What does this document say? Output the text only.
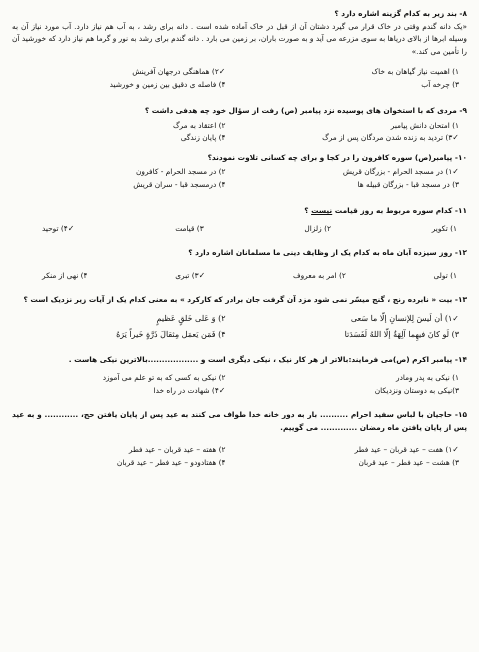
۸- بند زیر به کدام گزینه اشاره دارد ؟
«یک دانه گندم وقتی در خاک قرار می گیرد دشتان آن از قبل در خاک آماده شده است . دانه برای رشد ، به آب هم نیاز دارد. آب مورد نیاز آن به وسیله ابرها از بالای دریاها به سوی مزرعه می آید و به صورت باران، بر زمین می بارد . دانه گندم برای رشد به نور و گرما هم نیاز دارد که خورشید آن را تأمین می کند.»
۱) اهمیت نیاز گیاهان به خاک
✓۲) هماهنگی درجهان آفرینش
۳) چرخه آب
۴) فاصله ی دقیق بین زمین و خورشید
۹- مردی که با استخوان های پوسیده نزد پیامبر (ص) رفت از سؤال خود چه هدفی داشت ؟
۱) امتحان دانش پیامبر
۲) اعتقاد به مرگ
✓۳) تردید به زنده شدن مردگان پس از مرگ
۴) پایان زندگی
۱۰- پیامبر(ص) سوره کافرون را در کجا و برای چه کسانی تلاوت نمودند؟
✓۱) در مسجد الحرام - بزرگان قریش
۲) در مسجد الحرام - کافرون
۳) در مسجد قبا - بزرگان قبیله ها
۴) درمسجد قبا - سران قریش
۱۱- کدام سوره مربوط به روز قیامت نیست ؟
۱) تکویر
۲) زلزال
۳) قیامت
✓۴) توحید
۱۲- روز سیزده آبان ماه به کدام یک از وظایف دینی ما مسلمانان اشاره دارد ؟
۱) تولی
۲) امر به معروف
✓۳) تبری
۴) نهی از منکر
۱۳- بیت « نابرده رنج ، گنج میسّر نمی شود مزد آن گرفت جان برادر که کارکرد » به معنی کدام یک از آیات زیر نزدیک است ؟
✓۱) أن لَیسَ لِلإنسانِ إلّا ما سَعی
۲) وَ عَلی خَلقٍ عَظیمٍ
۳) لَو کانَ فیهِما آلِهَةٌ إلّا اللهُ لَفَسَدَتا
۴) فَمَن یَعمَل مِثقالَ ذَرَّةٍ خَیراً یَرَهُ
۱۴- پیامبر اکرم (ص)می فرمایند:بالاتر از هر کار نیک ، نیکی دیگری است و ..................بالاترین نیکی هاست .
۱) نیکی به پدر ومادر
۲) نیکی به کسی که به تو علم می آموزد
۳)نیکی به دوستان ونزدیکان
✓۴) شهادت در راه خدا
۱۵- حاجیان با لباس سفید احرام .......... بار به دور خانه خدا طواف می کنند به عید پس از پایان یافتن حج، ............ و به عید پس از پایان یافتن ماه رمضان ............. می گوییم.
✓۱) هفت – عید قربان – عید فطر
۲) هفته – عید قربان – عید فطر
۳) هشت – عید فطر – عید قربان
۴) هفتادودو – عید فطر – عید قربان
